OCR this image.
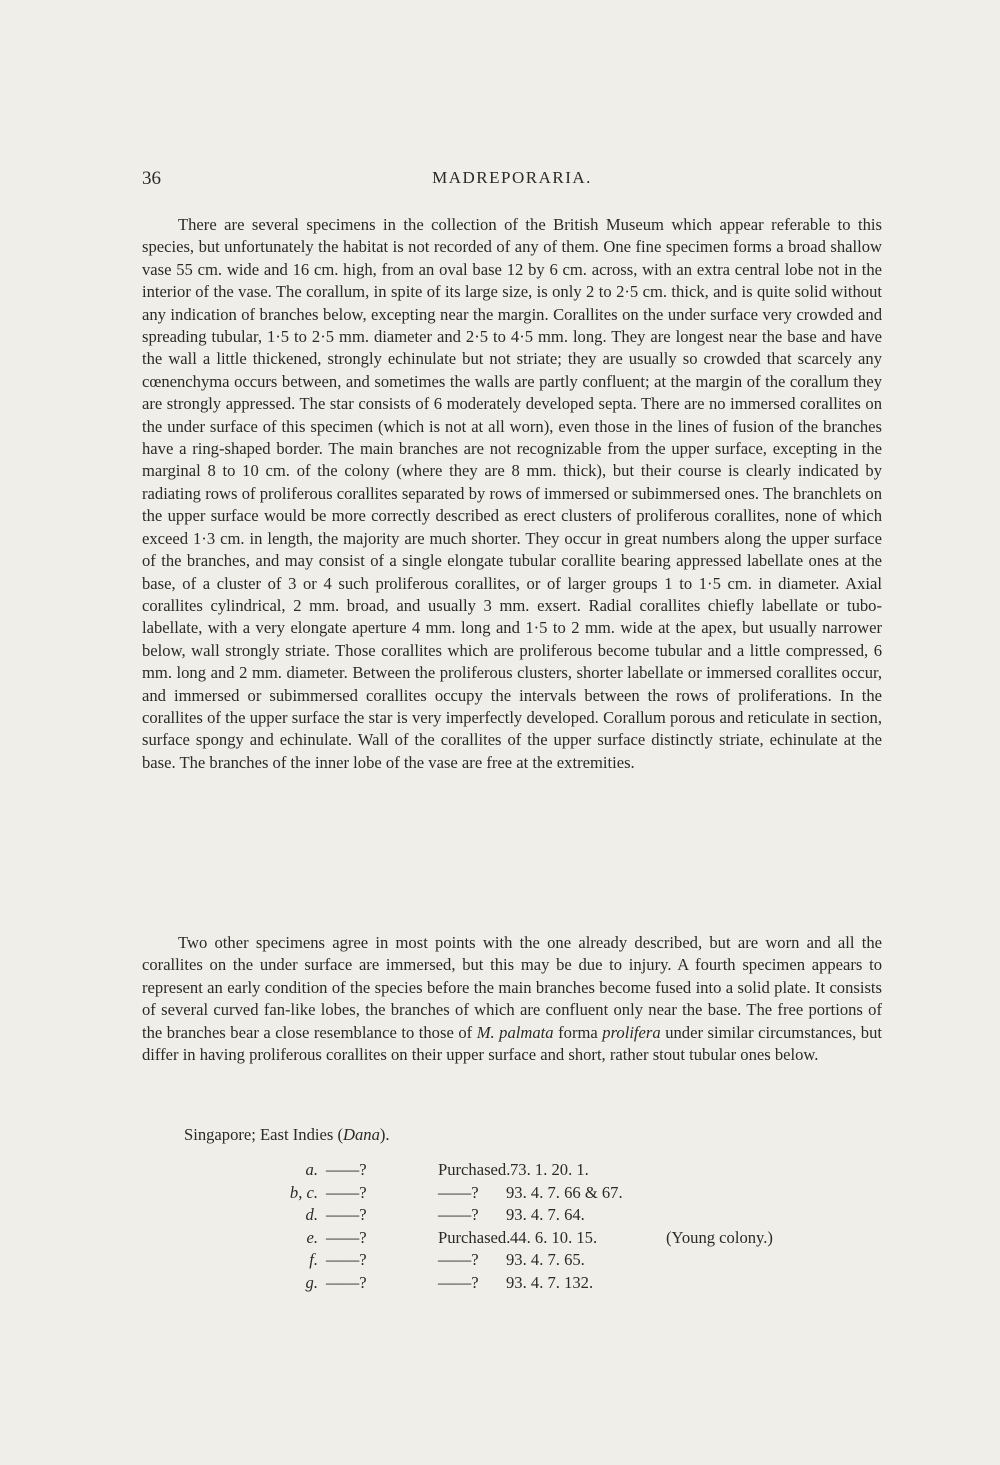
36	MADREPORARIA.

There are several specimens in the collection of the British Museum which appear referable to this species, but unfortunately the habitat is not recorded of any of them. One fine specimen forms a broad shallow vase 55 cm. wide and 16 cm. high, from an oval base 12 by 6 cm. across, with an extra central lobe not in the interior of the vase. The corallum, in spite of its large size, is only 2 to 2·5 cm. thick, and is quite solid without any indication of branches below, excepting near the margin. Corallites on the under surface very crowded and spreading tubular, 1·5 to 2·5 mm. diameter and 2·5 to 4·5 mm. long. They are longest near the base and have the wall a little thickened, strongly echinulate but not striate; they are usually so crowded that scarcely any cœnenchyma occurs between, and sometimes the walls are partly confluent; at the margin of the corallum they are strongly appressed. The star consists of 6 moderately developed septa. There are no immersed corallites on the under surface of this specimen (which is not at all worn), even those in the lines of fusion of the branches have a ring-shaped border. The main branches are not recognizable from the upper surface, excepting in the marginal 8 to 10 cm. of the colony (where they are 8 mm. thick), but their course is clearly indicated by radiating rows of proliferous corallites separated by rows of immersed or subimmersed ones. The branchlets on the upper surface would be more correctly described as erect clusters of proliferous corallites, none of which exceed 1·3 cm. in length, the majority are much shorter. They occur in great numbers along the upper surface of the branches, and may consist of a single elongate tubular corallite bearing appressed labellate ones at the base, of a cluster of 3 or 4 such proliferous corallites, or of larger groups 1 to 1·5 cm. in diameter. Axial corallites cylindrical, 2 mm. broad, and usually 3 mm. exsert. Radial corallites chiefly labellate or tubo-labellate, with a very elongate aperture 4 mm. long and 1·5 to 2 mm. wide at the apex, but usually narrower below, wall strongly striate. Those corallites which are proliferous become tubular and a little compressed, 6 mm. long and 2 mm. diameter. Between the proliferous clusters, shorter labellate or immersed corallites occur, and immersed or subimmersed corallites occupy the intervals between the rows of proliferations. In the corallites of the upper surface the star is very imperfectly developed. Corallum porous and reticulate in section, surface spongy and echinulate. Wall of the corallites of the upper surface distinctly striate, echinulate at the base. The branches of the inner lobe of the vase are free at the extremities.

Two other specimens agree in most points with the one already described, but are worn and all the corallites on the under surface are immersed, but this may be due to injury. A fourth specimen appears to represent an early condition of the species before the main branches become fused into a solid plate. It consists of several curved fan-like lobes, the branches of which are confluent only near the base. The free portions of the branches bear a close resemblance to those of M. palmata forma prolifera under similar circumstances, but differ in having proliferous corallites on their upper surface and short, rather stout tubular ones below.

Singapore; East Indies (Dana).

a. ——?	Purchased. 73. 1. 20. 1.
b, c. ——?	——? 93. 4. 7. 66 & 67.
d. ——?	——? 93. 4. 7. 64.
e. ——?	Purchased. 44. 6. 10. 15.	(Young colony.)
f. ——?	——? 93. 4. 7. 65.
g. ——?	——? 93. 4. 7. 132.
